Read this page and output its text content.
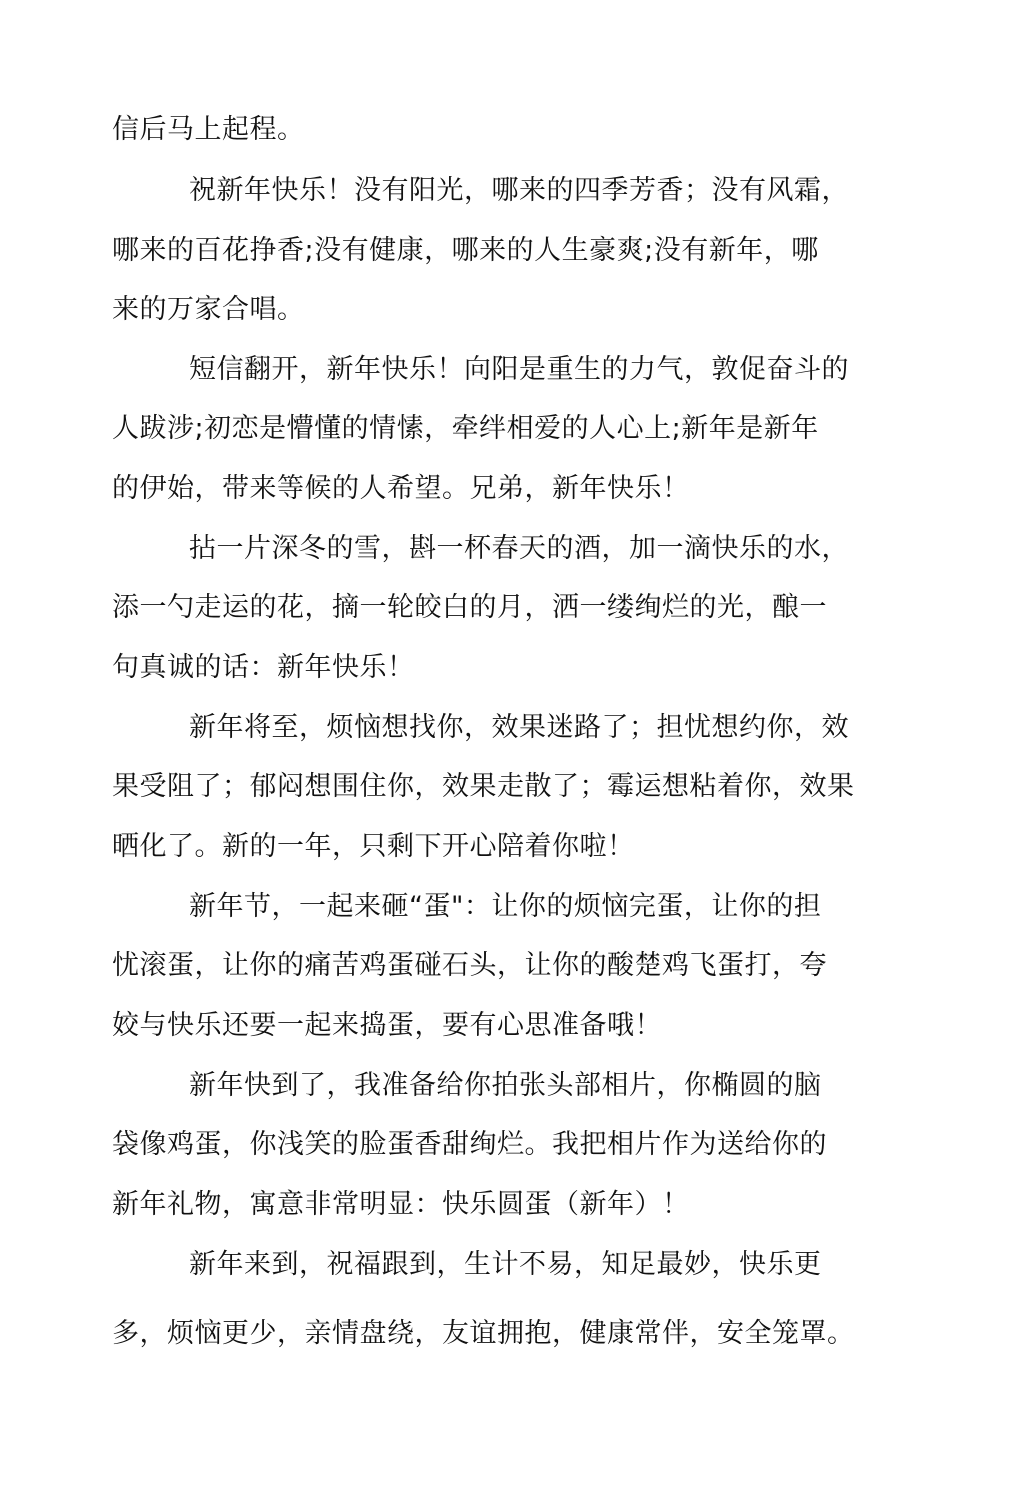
信后马上起程。

祝新年快乐！没有阳光，哪来的四季芳香；没有风霜，

哪来的百花挣香;没有健康，哪来的人生豪爽;没有新年，哪

来的万家合唱。

短信翻开，新年快乐！向阳是重生的力气，敦促奋斗的

人跋涉;初恋是懵懂的情愫，牵绊相爱的人心上;新年是新年

的伊始，带来等候的人希望。兄弟，新年快乐！

拈一片深冬的雪，斟一杯春天的酒，加一滴快乐的水，

添一勺走运的花，摘一轮皎白的月，洒一缕绚烂的光，酿一

句真诚的话：新年快乐！

新年将至，烦恼想找你，效果迷路了；担忧想约你，效

果受阻了；郁闷想围住你，效果走散了；霉运想粘着你，效果

晒化了。新的一年，只剩下开心陪着你啦！

新年节，一起来砸“蛋"：让你的烦恼完蛋，让你的担

忧滚蛋，让你的痛苦鸡蛋碰石头，让你的酸楚鸡飞蛋打，夸

姣与快乐还要一起来捣蛋，要有心思准备哦！

新年快到了，我准备给你拍张头部相片，你椭圆的脑

袋像鸡蛋，你浅笑的脸蛋香甜绚烂。我把相片作为送给你的

新年礼物，寓意非常明显：快乐圆蛋（新年）！

新年来到，祝福跟到，生计不易，知足最妙，快乐更

多，烦恼更少，亲情盘绕，友谊拥抱，健康常伴，安全笼罩。
